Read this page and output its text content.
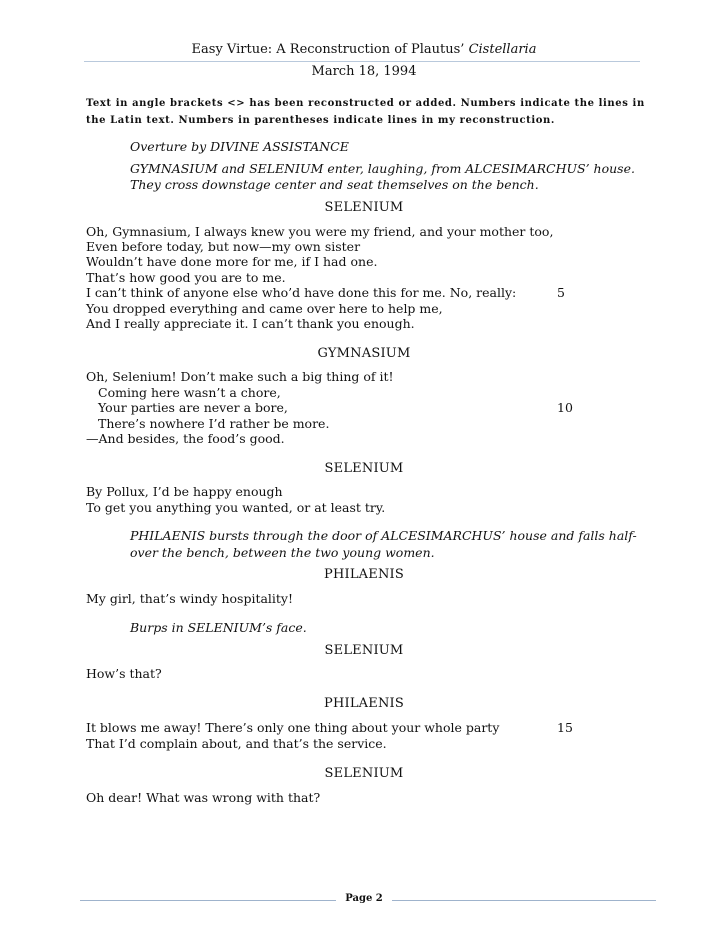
Easy Virtue: A Reconstruction of Plautus’ Cistellaria
March 18, 1994
Text in angle brackets <> has been reconstructed or added. Numbers indicate the lines in
the Latin text. Numbers in parentheses indicate lines in my reconstruction.
Overture by DIVINE ASSISTANCE
GYMNASIUM and SELENIUM enter, laughing, from ALCESIMARCHUS’ house.
They cross downstage center and seat themselves on the bench.
SELENIUM
Oh, Gymnasium, I always knew you were my friend, and your mother too,
Even before today, but now—my own sister
Wouldn’t have done more for me, if I had one.
That’s how good you are to me.
I can’t think of anyone else who’d have done this for me. No, really:	5
You dropped everything and came over here to help me,
And I really appreciate it. I can’t thank you enough.
GYMNASIUM
Oh, Selenium! Don’t make such a big thing of it!
Coming here wasn’t a chore,
Your parties are never a bore,	10
There’s nowhere I’d rather be more.
—And besides, the food’s good.
SELENIUM
By Pollux, I’d be happy enough
To get you anything you wanted, or at least try.
PHILAENIS bursts through the door of ALCESIMARCHUS’ house and falls half-
over the bench, between the two young women.
PHILAENIS
My girl, that’s windy hospitality!
Burps in SELENIUM’s face.
SELENIUM
How’s that?
PHILAENIS
It blows me away! There’s only one thing about your whole party	15
That I’d complain about, and that’s the service.
SELENIUM
Oh dear! What was wrong with that?
Page 2
